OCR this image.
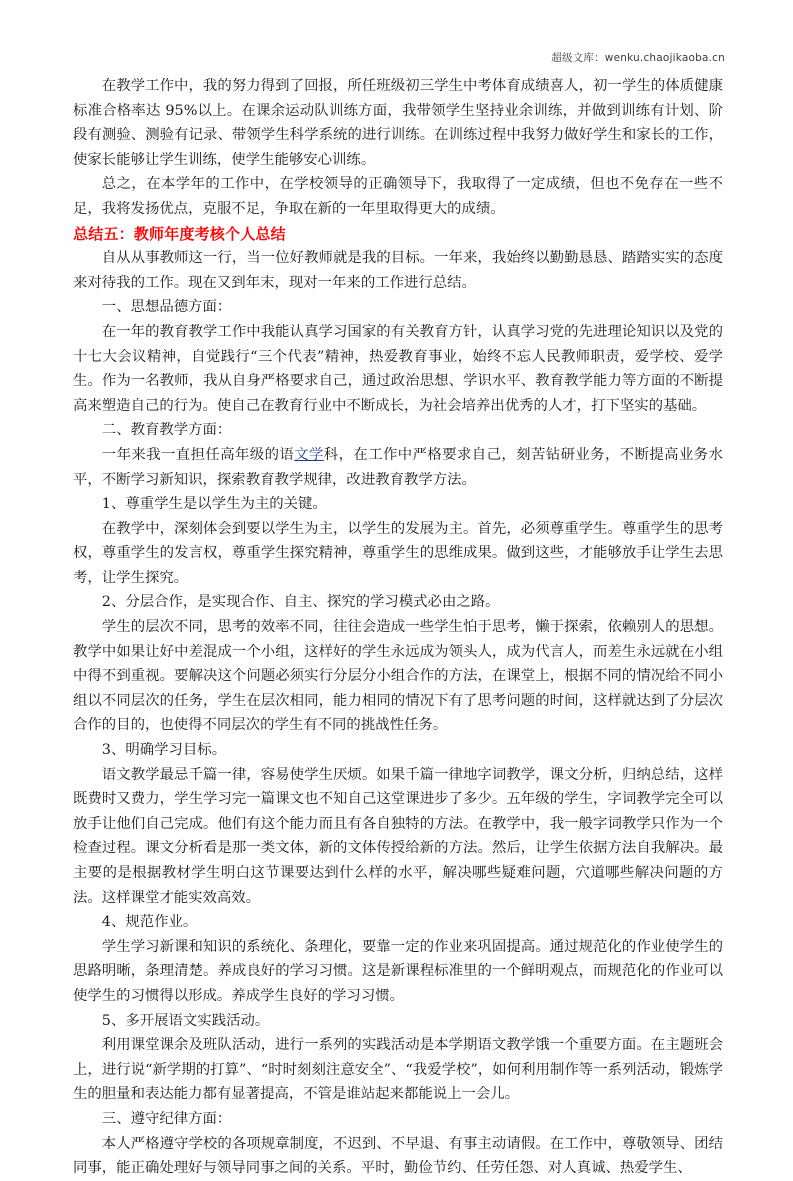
超级文库：wenku.chaojikaoba.cn

在教学工作中，我的努力得到了回报，所任班级初三学生中考体育成绩喜人，初一学生的体质健康标准合格率达 95%以上。在课余运动队训练方面，我带领学生坚持业余训练，并做到训练有计划、阶段有测验、测验有记录、带领学生科学系统的进行训练。在训练过程中我努力做好学生和家长的工作，使家长能够让学生训练，使学生能够安心训练。

总之，在本学年的工作中，在学校领导的正确领导下，我取得了一定成绩，但也不免存在一些不足，我将发扬优点，克服不足，争取在新的一年里取得更大的成绩。

总结五：教师年度考核个人总结

自从从事教师这一行，当一位好教师就是我的目标。一年来，我始终以勤勤恳恳、踏踏实实的态度来对待我的工作。现在又到年末，现对一年来的工作进行总结。

一、思想品德方面：

在一年的教育教学工作中我能认真学习国家的有关教育方针，认真学习党的先进理论知识以及党的十七大会议精神，自觉践行“三个代表”精神，热爱教育事业，始终不忘人民教师职责，爱学校、爱学生。作为一名教师，我从自身严格要求自己，通过政治思想、学识水平、教育教学能力等方面的不断提高来塑造自己的行为。使自己在教育行业中不断成长，为社会培养出优秀的人才，打下坚实的基础。

二、教育教学方面：

一年来我一直担任高年级的语文学科，在工作中严格要求自己，刻苦钻研业务，不断提高业务水平，不断学习新知识，探索教育教学规律，改进教育教学方法。

1、尊重学生是以学生为主的关键。

在教学中，深刻体会到要以学生为主，以学生的发展为主。首先，必须尊重学生。尊重学生的思考权，尊重学生的发言权，尊重学生探究精神，尊重学生的思维成果。做到这些，才能够放手让学生去思考，让学生探究。

2、分层合作，是实现合作、自主、探究的学习模式必由之路。

学生的层次不同，思考的效率不同，往往会造成一些学生怕于思考，懒于探索，依赖别人的思想。教学中如果让好中差混成一个小组，这样好的学生永远成为领头人，成为代言人，而差生永远就在小组中得不到重视。要解决这个问题必须实行分层分小组合作的方法，在课堂上，根据不同的情况给不同小组以不同层次的任务，学生在层次相同，能力相同的情况下有了思考问题的时间，这样就达到了分层次合作的目的，也使得不同层次的学生有不同的挑战性任务。

3、明确学习目标。

语文教学最忌千篇一律，容易使学生厌烦。如果千篇一律地字词教学，课文分析，归纳总结，这样既费时又费力，学生学习完一篇课文也不知自己这堂课进步了多少。五年级的学生，字词教学完全可以放手让他们自己完成。他们有这个能力而且有各自独特的方法。在教学中，我一般字词教学只作为一个检查过程。课文分析看是那一类文体，新的文体传授给新的方法。然后，让学生依据方法自我解决。最主要的是根据教材学生明白这节课要达到什么样的水平，解决哪些疑难问题，穴道哪些解决问题的方法。这样课堂才能实效高效。

4、规范作业。

学生学习新课和知识的系统化、条理化，要靠一定的作业来巩固提高。通过规范化的作业使学生的思路明晰，条理清楚。养成良好的学习习惯。这是新课程标准里的一个鲜明观点，而规范化的作业可以使学生的习惯得以形成。养成学生良好的学习习惯。

5、多开展语文实践活动。

利用课堂课余及班队活动，进行一系列的实践活动是本学期语文教学饿一个重要方面。在主题班会上，进行说“新学期的打算”、“时时刻刻注意安全”、“我爱学校”，如何利用制作等一系列活动，锻炼学生的胆量和表达能力都有显著提高，不管是谁站起来都能说上一会儿。

三、遵守纪律方面：

本人严格遵守学校的各项规章制度，不迟到、不早退、有事主动请假。在工作中，尊敬领导、团结同事，能正确处理好与领导同事之间的关系。平时，勤俭节约、任劳任怨、对人真诚、热爱学生、
